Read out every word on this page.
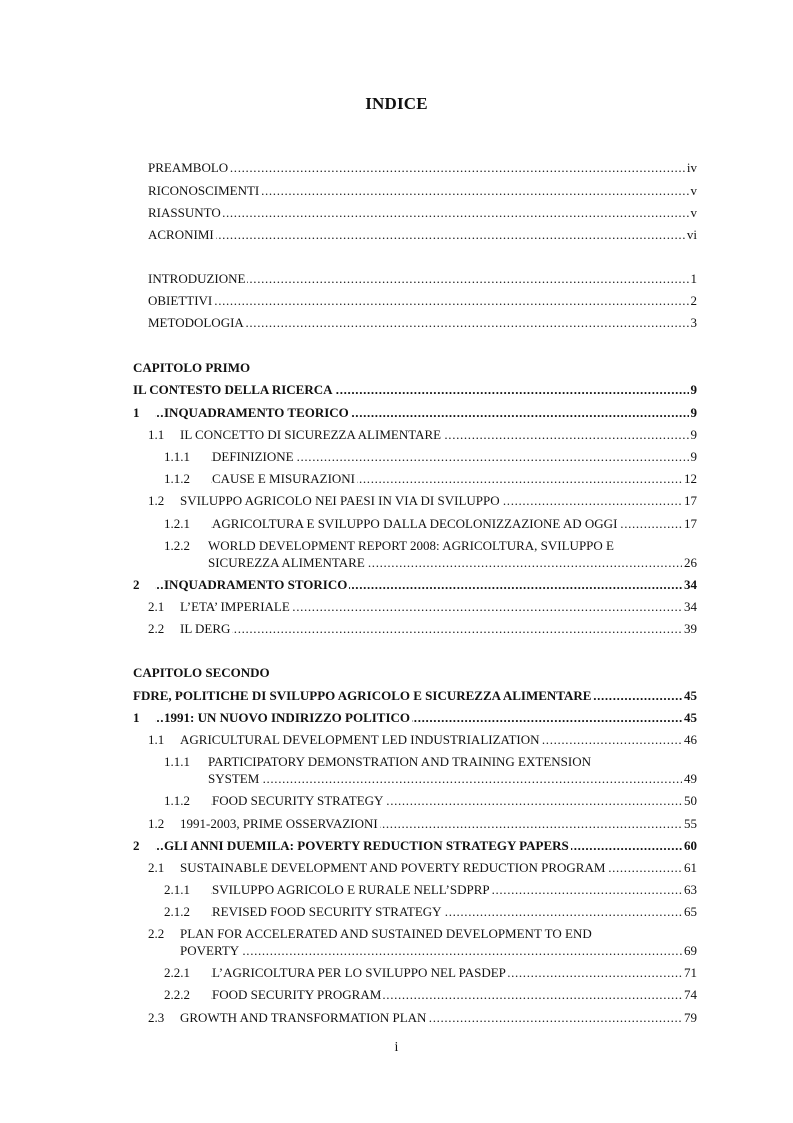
INDICE
. . .
PREAMBOLO	iv
. . .
RICONOSCIMENTI	v
. . .
RIASSUNTO	v
. . .
ACRONIMI	vi
. . .
INTRODUZIONE	1
. . .
OBIETTIVI	2
. . .
METODOLOGIA	3
CAPITOLO PRIMO
. . .
IL CONTESTO DELLA RICERCA	9
. . .
1	INQUADRAMENTO TEORICO	9
. . .
1.1	IL CONCETTO DI SICUREZZA ALIMENTARE	9
. . .
1.1.1	DEFINIZIONE	9
. . .
1.1.2	CAUSE E MISURAZIONI	12
. . .
1.2	SVILUPPO AGRICOLO NEI PAESI IN VIA DI SVILUPPO	17
. . .
1.2.1	AGRICOLTURA E SVILUPPO DALLA DECOLONIZZAZIONE AD OGGI	17
1.2.2 WORLD DEVELOPMENT REPORT 2008: AGRICOLTURA, SVILUPPO E
. . .
SICUREZZA ALIMENTARE	26
. . .
2	INQUADRAMENTO STORICO	34
. . .
2.1	L’ETA’ IMPERIALE	34
. . .
2.2	IL DERG	39
CAPITOLO SECONDO
. . .
FDRE, POLITICHE DI SVILUPPO AGRICOLO E SICUREZZA ALIMENTARE	45
. . .
1	1991: UN NUOVO INDIRIZZO POLITICO	45
. . .
1.1	AGRICULTURAL DEVELOPMENT LED INDUSTRIALIZATION	46
1.1.1 PARTICIPATORY DEMONSTRATION AND TRAINING EXTENSION
. . .
SYSTEM	49
. . .
1.1.2	FOOD SECURITY STRATEGY	50
. . .
1.2	1991-2003, PRIME OSSERVAZIONI	55
. . .
2	GLI ANNI DUEMILA: POVERTY REDUCTION STRATEGY PAPERS	60
. . .
2.1	SUSTAINABLE DEVELOPMENT AND POVERTY REDUCTION PROGRAM	61
. . .
2.1.1	SVILUPPO AGRICOLO E RURALE NELL’SDPRP	63
. . .
2.1.2	REVISED FOOD SECURITY STRATEGY	65
2.2 PLAN FOR ACCELERATED AND SUSTAINED DEVELOPMENT TO END
. . .
POVERTY	69
. . .
2.2.1	L’AGRICOLTURA PER LO SVILUPPO NEL PASDEP	71
. . .
2.2.2	FOOD SECURITY PROGRAM	74
. . .
2.3	GROWTH AND TRANSFORMATION PLAN	79
i
